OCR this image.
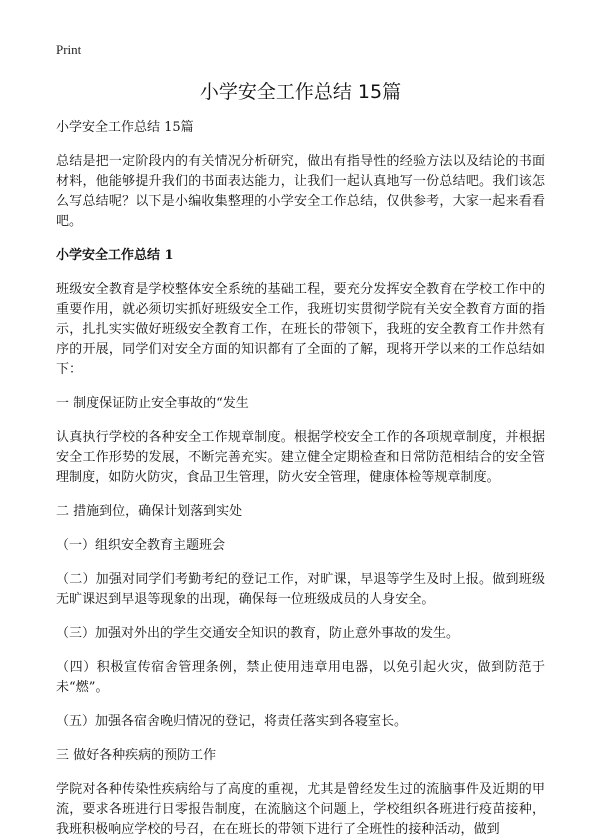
Print
小学安全工作总结 15篇
小学安全工作总结 15篇

总结是把一定阶段内的有关情况分析研究，做出有指导性的经验方法以及结论的书面材料，他能够提升我们的书面表达能力，让我们一起认真地写一份总结吧。我们该怎么写总结呢？以下是小编收集整理的小学安全工作总结，仅供参考，大家一起来看看吧。

小学安全工作总结 1

班级安全教育是学校整体安全系统的基础工程，要充分发挥安全教育在学校工作中的重要作用，就必须切实抓好班级安全工作，我班切实贯彻学院有关安全教育方面的指示，扎扎实实做好班级安全教育工作，在班长的带领下，我班的安全教育工作井然有序的开展，同学们对安全方面的知识都有了全面的了解，现将开学以来的工作总结如下：

一 制度保证防止安全事故的“发生

认真执行学校的各种安全工作规章制度。根据学校安全工作的各项规章制度，并根据安全工作形势的发展，不断完善充实。建立健全定期检查和日常防范相结合的安全管理制度，如防火防灾，食品卫生管理，防火安全管理，健康体检等规章制度。

二 措施到位，确保计划落到实处

（一）组织安全教育主题班会

（二）加强对同学们考勤考纪的登记工作，对旷课，早退等学生及时上报。做到班级无旷课迟到早退等现象的出现，确保每一位班级成员的人身安全。

（三）加强对外出的学生交通安全知识的教育，防止意外事故的发生。

（四）积极宣传宿舍管理条例，禁止使用违章用电器，以免引起火灾，做到防范于未“燃”。

（五）加强各宿舍晚归情况的登记，将责任落实到各寝室长。

三 做好各种疾病的预防工作

学院对各种传染性疾病给与了高度的重视，尤其是曾经发生过的流脑事件及近期的甲流，要求各班进行日零报告制度，在流脑这个问题上，学校组织各班进行疫苗接种，我班积极响应学校的号召，在在班长的带领下进行了全班性的接种活动，做到
